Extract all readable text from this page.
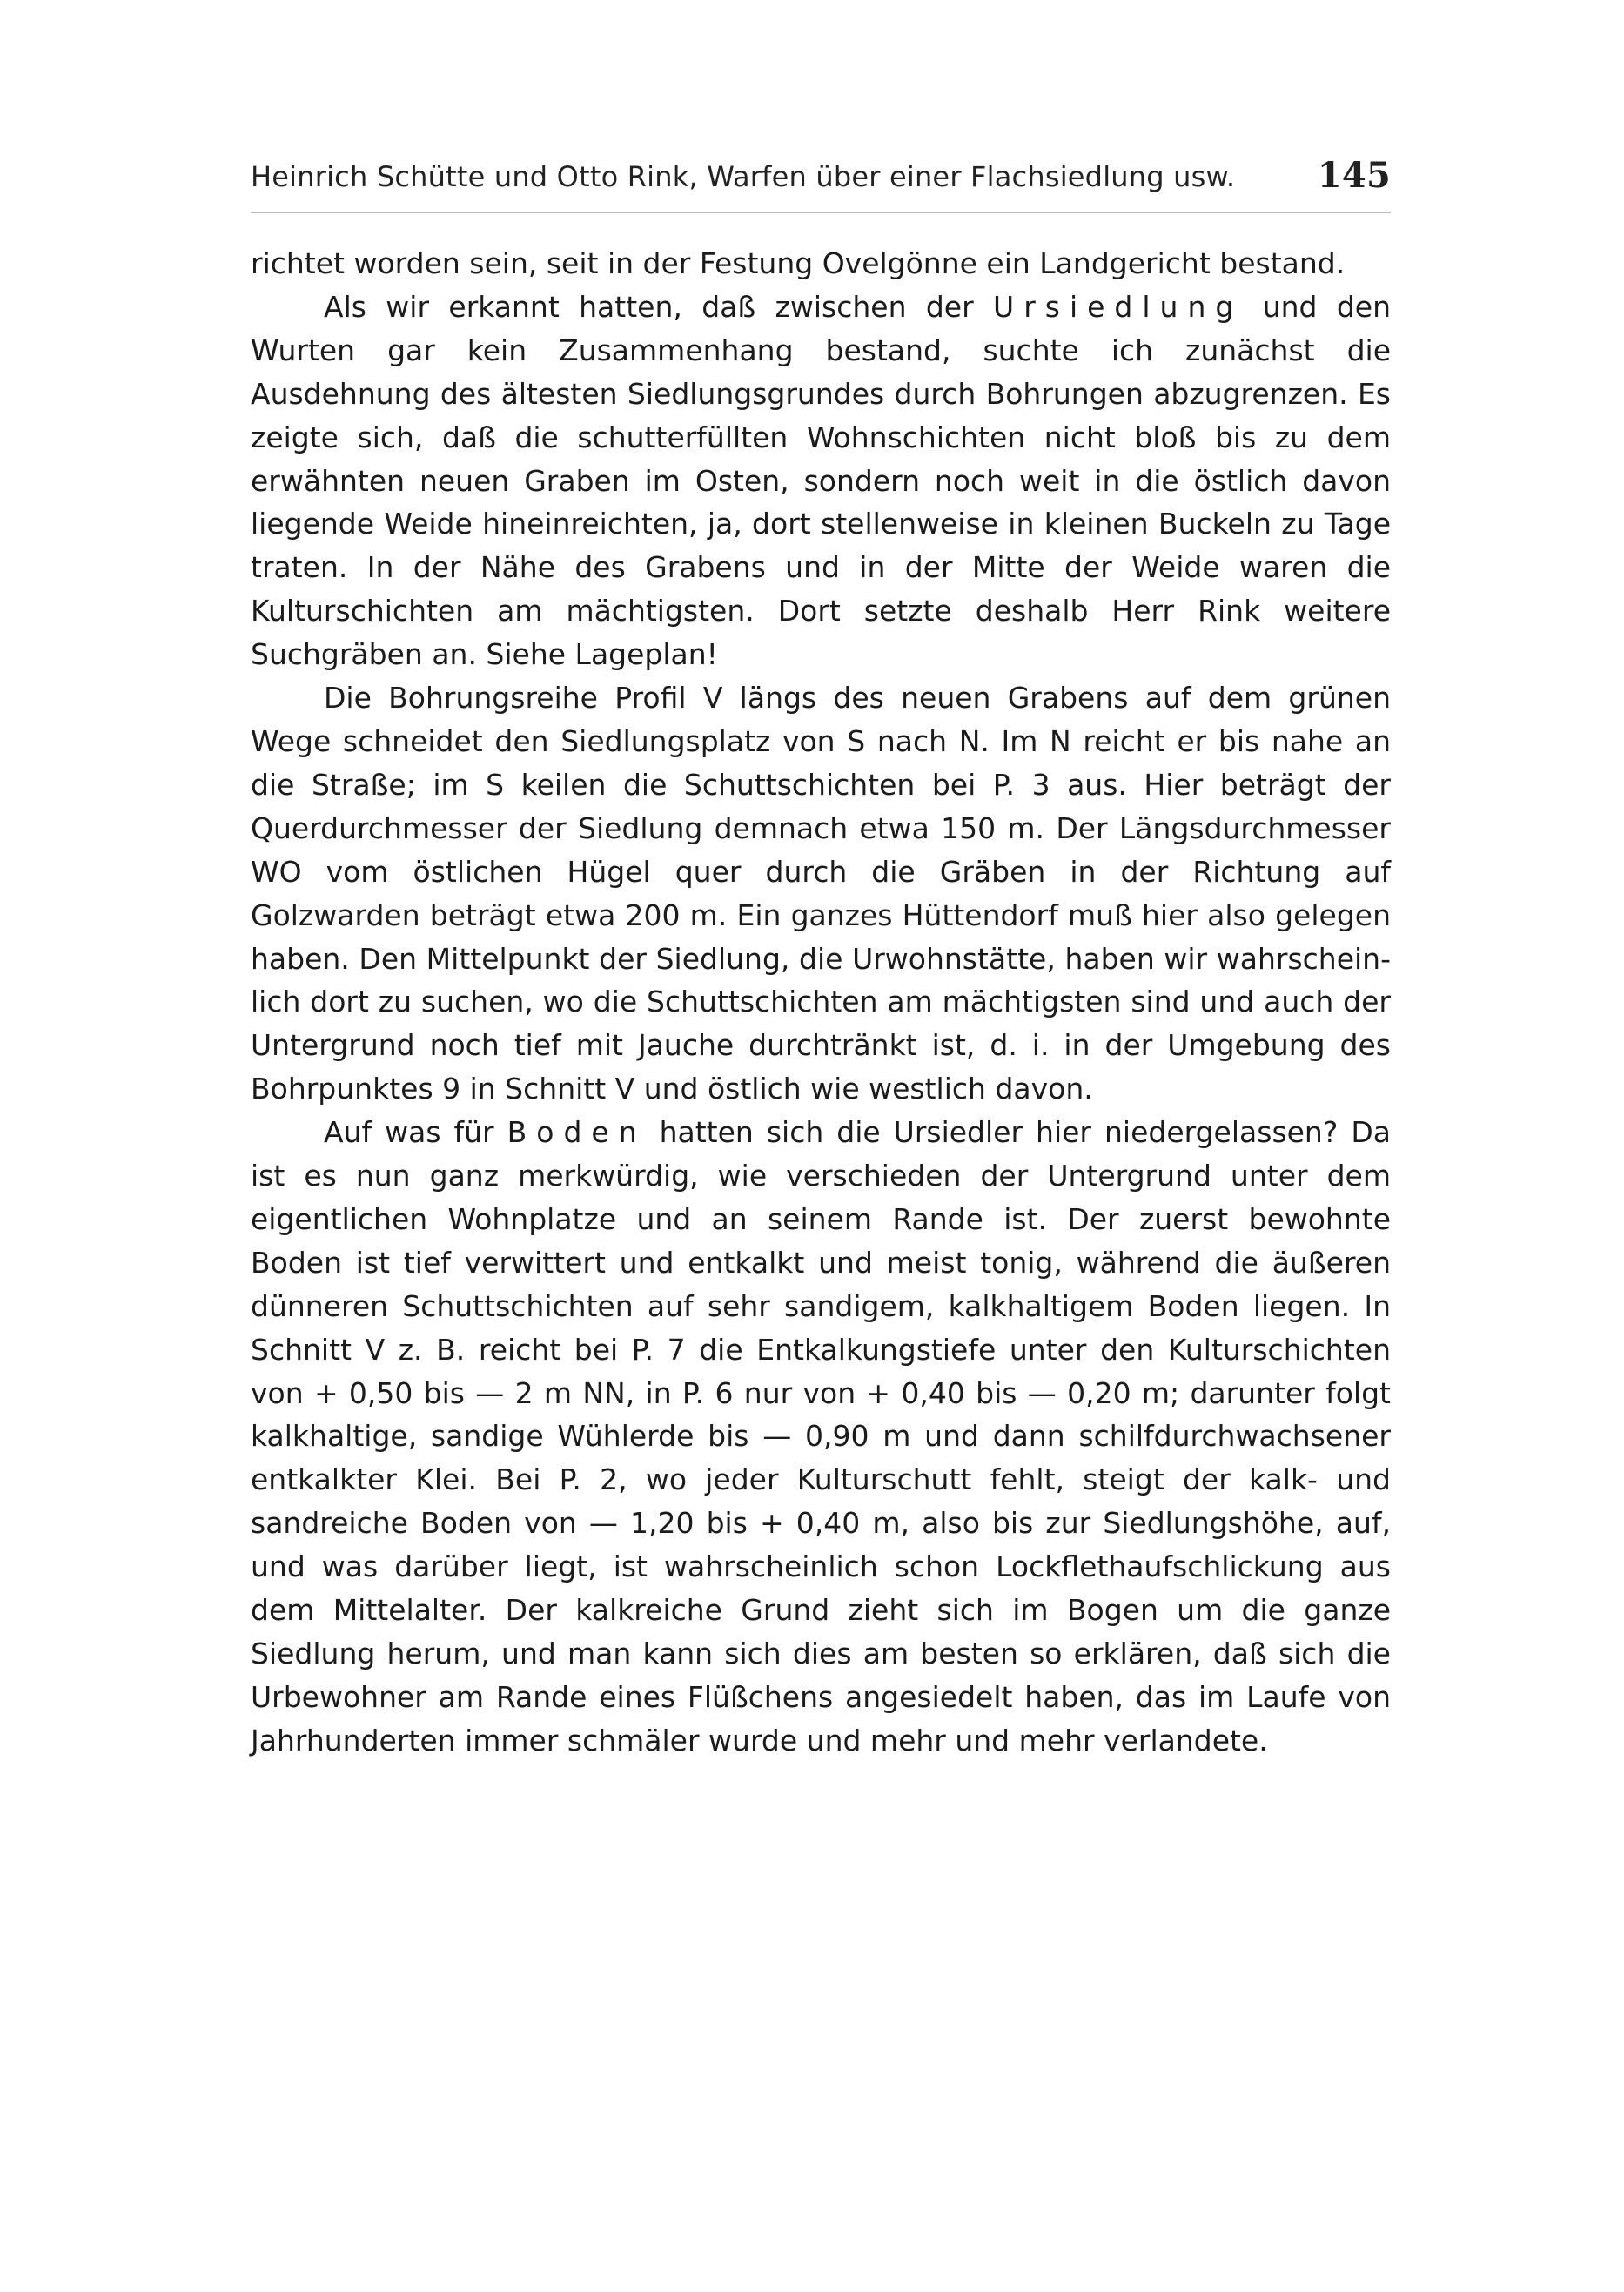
Heinrich Schütte und Otto Rink, Warfen über einer Flachsiedlung usw. 145

richtet worden sein, seit in der Festung Ovelgönne ein Landgericht bestand.

Als wir erkannt hatten, daß zwischen der Ursiedlung und den Wurten gar kein Zusammenhang bestand, suchte ich zunächst die Ausdehnung des ältesten Siedlungsgrundes durch Bohrungen abzugrenzen. Es zeigte sich, daß die schutterfüllten Wohnschichten nicht bloß bis zu dem erwähnten neuen Graben im Osten, sondern noch weit in die östlich davon liegende Weide hineinreichten, ja, dort stellenweise in kleinen Buckeln zu Tage traten. In der Nähe des Grabens und in der Mitte der Weide waren die Kulturschichten am mächtigsten. Dort setzte deshalb Herr Rink weitere Suchgräben an. Siehe Lageplan!

Die Bohrungsreihe Profil V längs des neuen Grabens auf dem grünen Wege schneidet den Siedlungsplatz von S nach N. Im N reicht er bis nahe an die Straße; im S keilen die Schuttschichten bei P. 3 aus. Hier beträgt der Querdurchmesser der Siedlung demnach etwa 150 m. Der Längsdurchmesser WO vom östlichen Hügel quer durch die Gräben in der Richtung auf Golzwarden beträgt etwa 200 m. Ein ganzes Hüttendorf muß hier also gelegen haben. Den Mittelpunkt der Siedlung, die Urwohnstätte, haben wir wahrscheinlich dort zu suchen, wo die Schuttschichten am mächtigsten sind und auch der Untergrund noch tief mit Jauche durchtränkt ist, d. i. in der Umgebung des Bohrpunktes 9 in Schnitt V und östlich wie westlich davon.

Auf was für Boden hatten sich die Ursiedler hier niedergelassen? Da ist es nun ganz merkwürdig, wie verschieden der Untergrund unter dem eigentlichen Wohnplatze und an seinem Rande ist. Der zuerst bewohnte Boden ist tief verwittert und entkalkt und meist tonig, während die äußeren dünneren Schuttschichten auf sehr sandigem, kalkhaltigem Boden liegen. In Schnitt V z. B. reicht bei P. 7 die Entkalkungstiefe unter den Kulturschichten von + 0,50 bis — 2 m NN, in P. 6 nur von + 0,40 bis — 0,20 m; darunter folgt kalkhaltige, sandige Wühlerde bis — 0,90 m und dann schilfdurchwachsener entkalkter Klei. Bei P. 2, wo jeder Kulturschutt fehlt, steigt der kalk- und sandreiche Boden von — 1,20 bis + 0,40 m, also bis zur Siedlungshöhe, auf, und was darüber liegt, ist wahrscheinlich schon Lockflethaufschlickung aus dem Mittelalter. Der kalkreiche Grund zieht sich im Bogen um die ganze Siedlung herum, und man kann sich dies am besten so erklären, daß sich die Urbewohner am Rande eines Flüßchens angesiedelt haben, das im Laufe von Jahrhunderten immer schmäler wurde und mehr und mehr verlandete.
